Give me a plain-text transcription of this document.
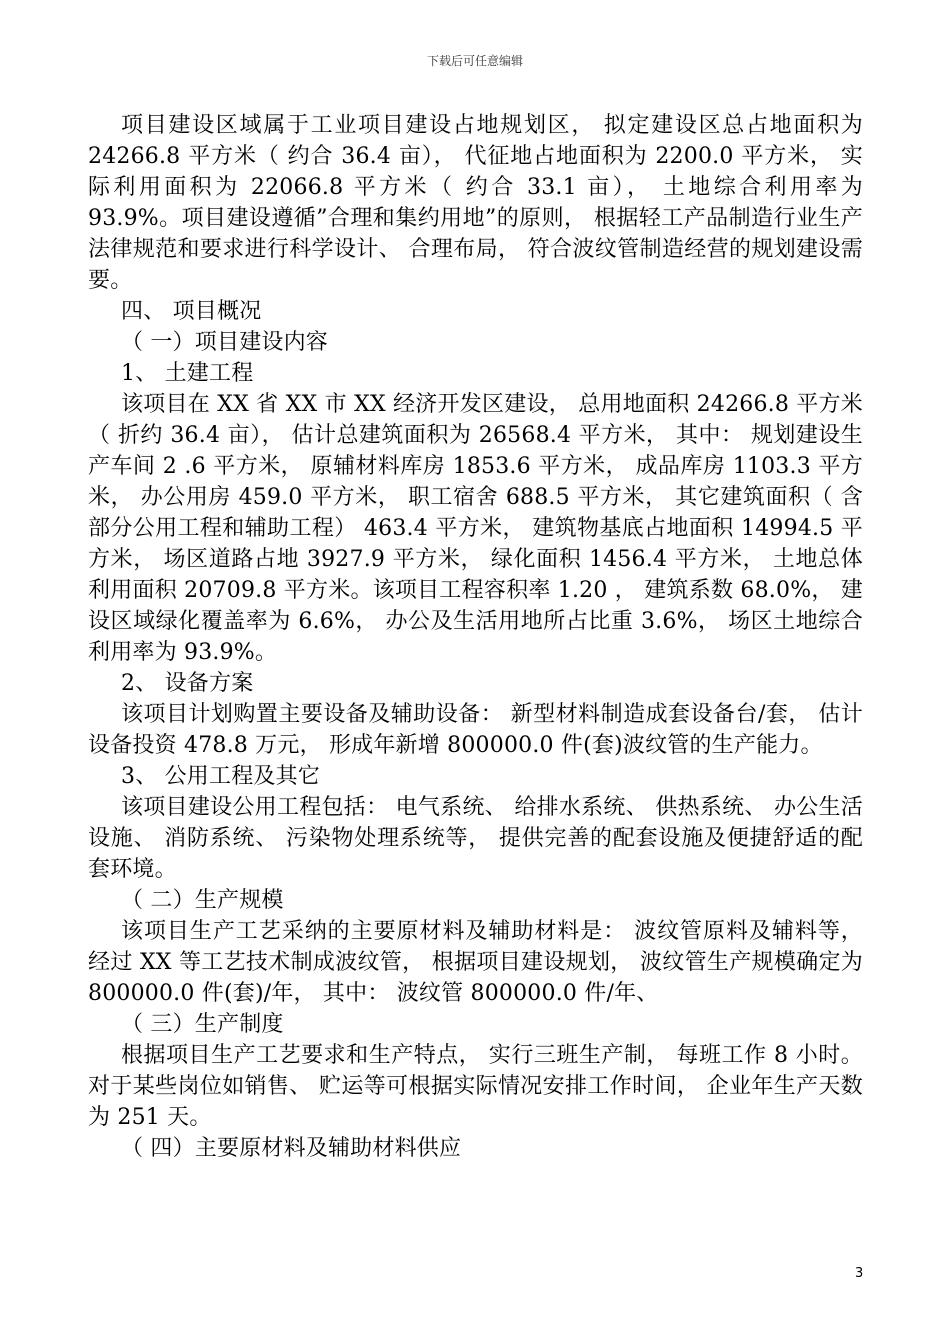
下载后可任意编辑

项目建设区域属于工业项目建设占地规划区， 拟定建设区总占地面积为24266.8 平方米（ 约合 36.4 亩）， 代征地占地面积为 2200.0 平方米， 实际利用面积为 22066.8 平方米（ 约合 33.1 亩）， 土地综合利用率为 93.9%。项目建设遵循”合理和集约用地”的原则， 根据轻工产品制造行业生产法律规范和要求进行科学设计、 合理布局， 符合波纹管制造经营的规划建设需要。

四、 项目概况

（ 一）项目建设内容

1、 土建工程

该项目在 XX 省 XX 市 XX 经济开发区建设， 总用地面积 24266.8 平方米（ 折约 36.4 亩）， 估计总建筑面积为 26568.4 平方米， 其中： 规划建设生产车间 2 .6 平方米， 原辅材料库房 1853.6 平方米， 成品库房 1103.3 平方米， 办公用房 459.0 平方米， 职工宿舍 688.5 平方米， 其它建筑面积（ 含部分公用工程和辅助工程） 463.4 平方米， 建筑物基底占地面积 14994.5 平方米， 场区道路占地 3927.9 平方米， 绿化面积 1456.4 平方米， 土地总体利用面积 20709.8 平方米。该项目工程容积率 1.20 ， 建筑系数 68.0%， 建设区域绿化覆盖率为 6.6%， 办公及生活用地所占比重 3.6%， 场区土地综合利用率为 93.9%。

2、 设备方案

该项目计划购置主要设备及辅助设备： 新型材料制造成套设备台/套， 估计设备投资 478.8 万元， 形成年新增 800000.0 件(套)波纹管的生产能力。

3、 公用工程及其它

该项目建设公用工程包括： 电气系统、 给排水系统、 供热系统、 办公生活设施、 消防系统、 污染物处理系统等， 提供完善的配套设施及便捷舒适的配套环境。

（ 二）生产规模

该项目生产工艺采纳的主要原材料及辅助材料是： 波纹管原料及辅料等， 经过 XX 等工艺技术制成波纹管， 根据项目建设规划， 波纹管生产规模确定为 800000.0 件(套)/年， 其中： 波纹管 800000.0 件/年、

（ 三）生产制度

根据项目生产工艺要求和生产特点， 实行三班生产制， 每班工作 8 小时。对于某些岗位如销售、 贮运等可根据实际情况安排工作时间， 企业年生产天数为 251 天。

（ 四）主要原材料及辅助材料供应

3
